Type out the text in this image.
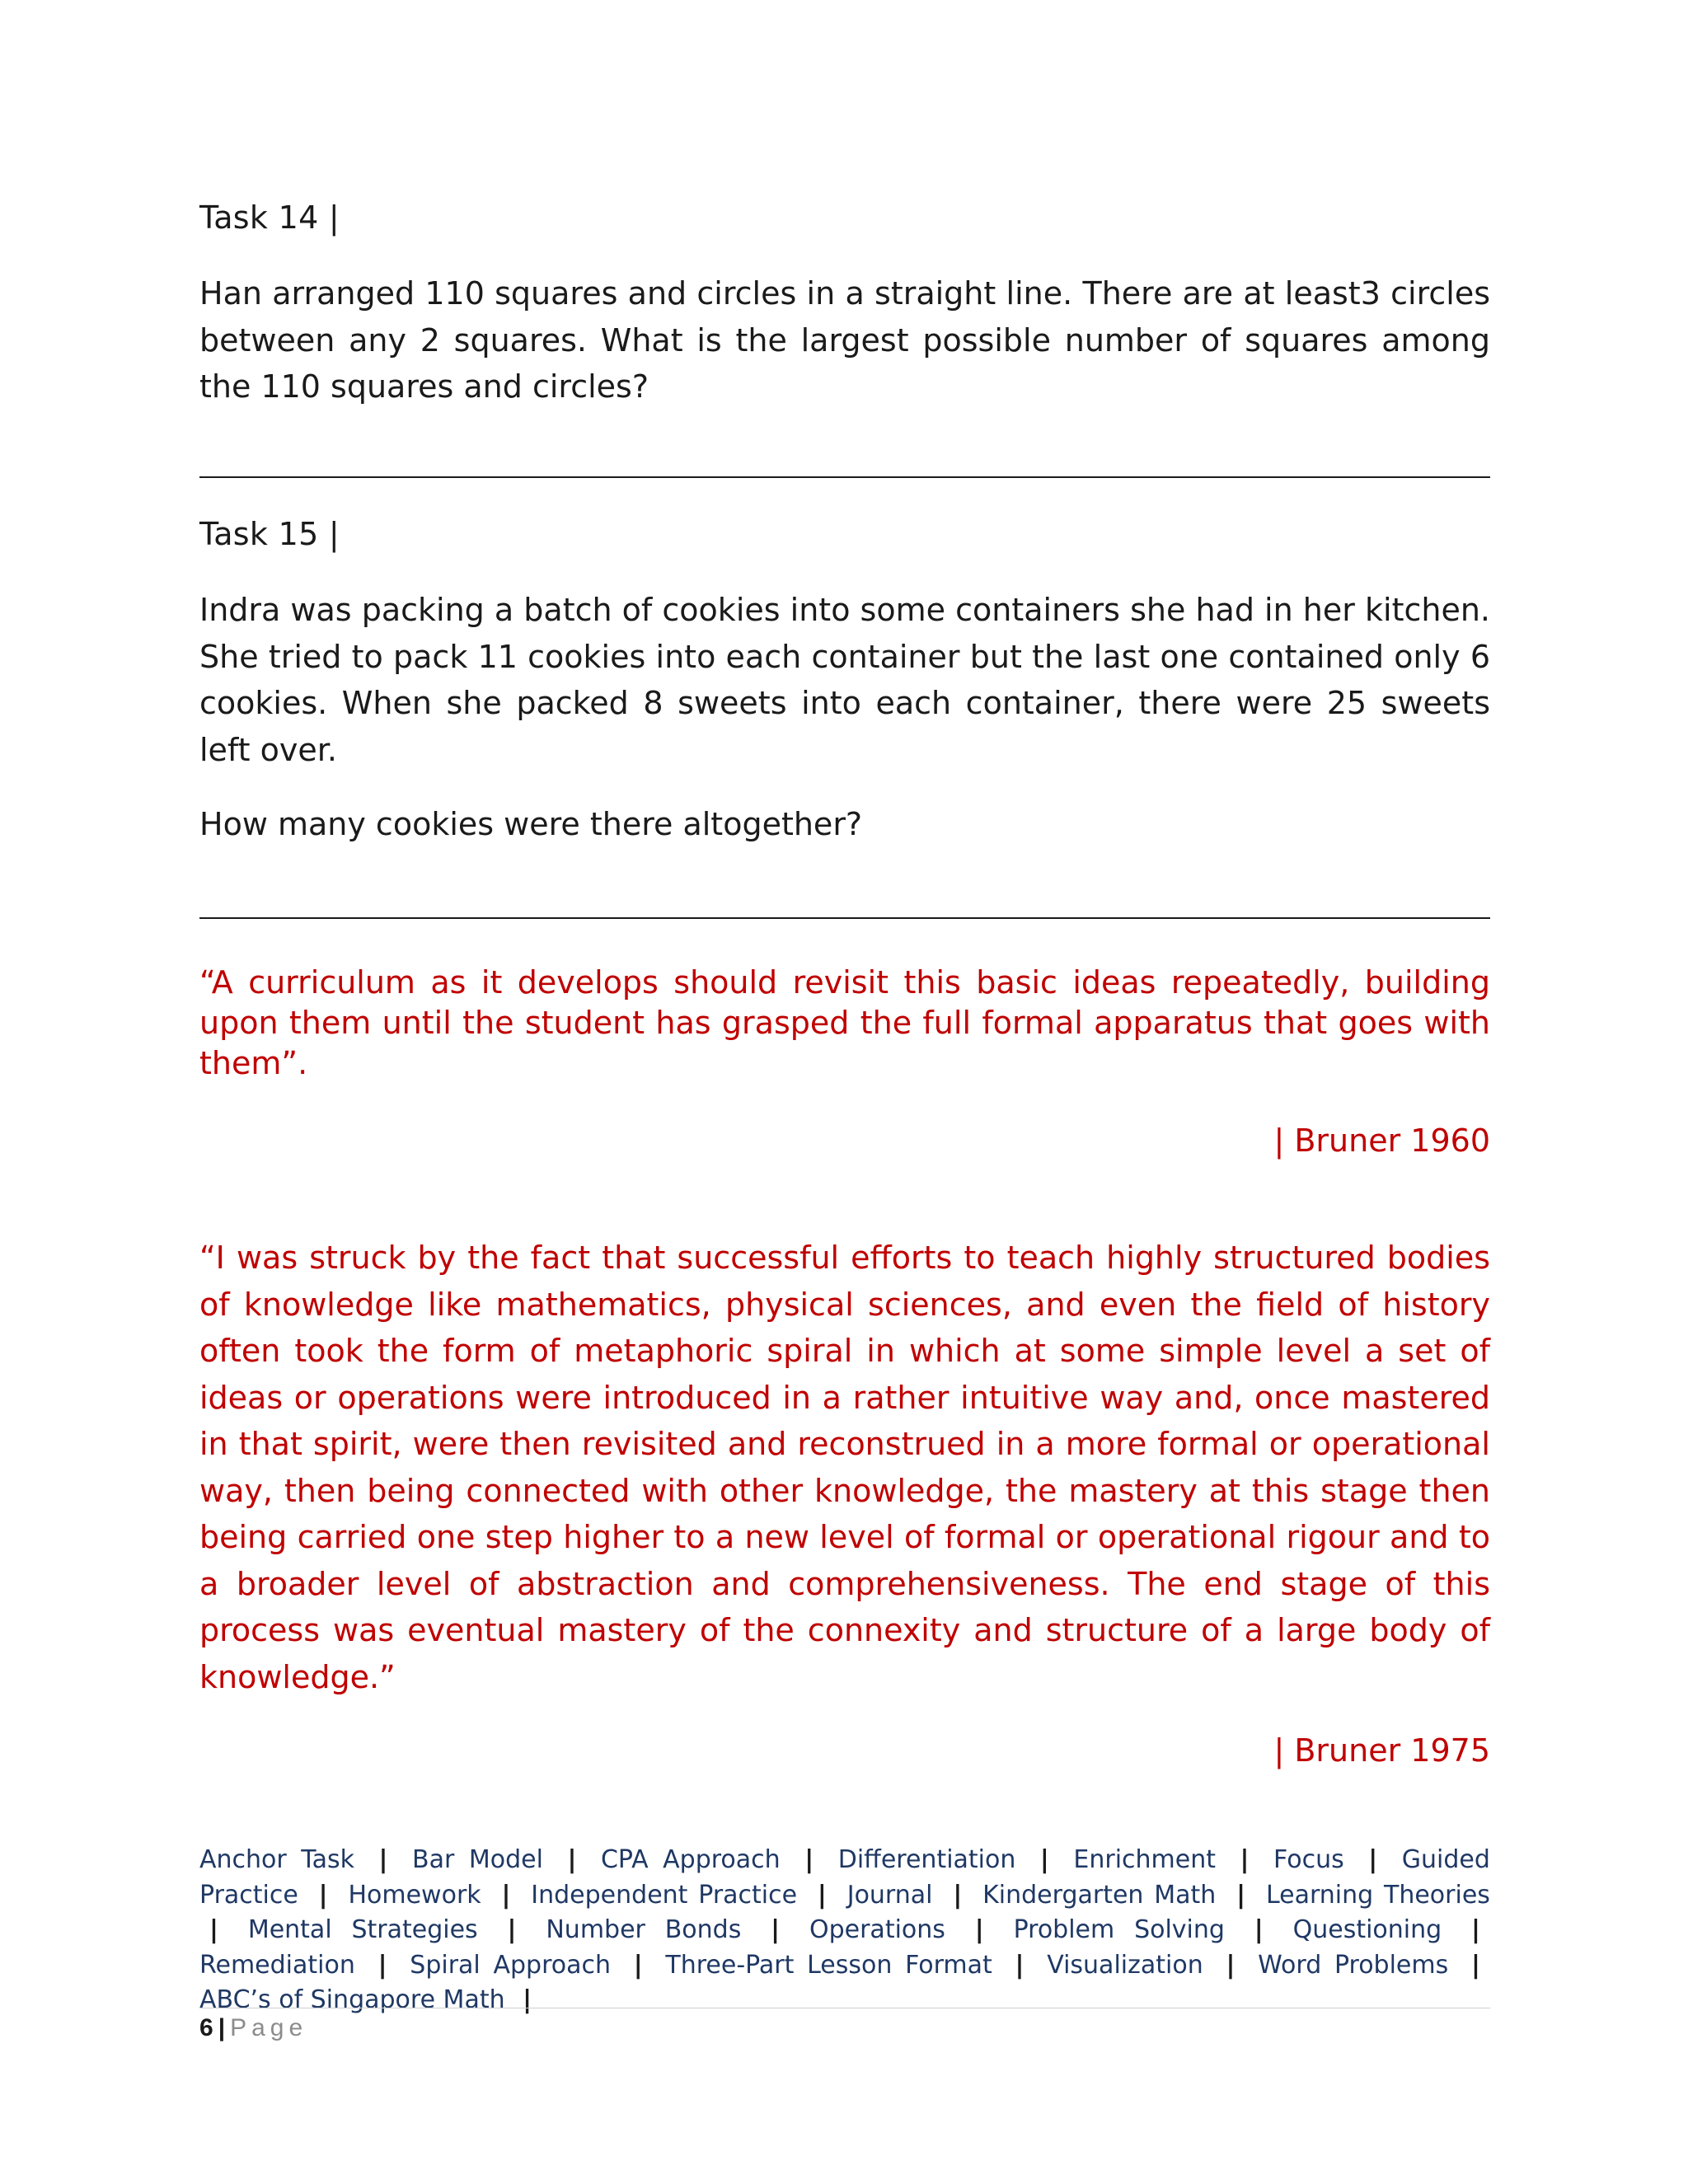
Task 14 |
Han arranged 110 squares and circles in a straight line. There are at least3 circles between any 2 squares. What is the largest possible number of squares among the 110 squares and circles?
Task 15 |
Indra was packing a batch of cookies into some containers she had in her kitchen. She tried to pack 11 cookies into each container but the last one contained only 6 cookies. When she packed 8 sweets into each container, there were 25 sweets left over.
How many cookies were there altogether?
“A curriculum as it develops should revisit this basic ideas repeatedly, building upon them until the student has grasped the full formal apparatus that goes with them”.
| Bruner 1960
“I was struck by the fact that successful efforts to teach highly structured bodies of knowledge like mathematics, physical sciences, and even the field of history often took the form of metaphoric spiral in which at some simple level a set of ideas or operations were introduced in a rather intuitive way and, once mastered in that spirit, were then revisited and reconstrued in a more formal or operational way, then being connected with other knowledge, the mastery at this stage then being carried one step higher to a new level of formal or operational rigour and to a broader level of abstraction and comprehensiveness. The end stage of this process was eventual mastery of the connexity and structure of a large body of knowledge.”
| Bruner 1975
Anchor Task | Bar Model | CPA Approach | Differentiation | Enrichment | Focus | Guided Practice | Homework | Independent Practice | Journal | Kindergarten Math | Learning Theories | Mental Strategies | Number Bonds | Operations | Problem Solving | Questioning | Remediation | Spiral Approach | Three-Part Lesson Format | Visualization | Word Problems | ABC’s of Singapore Math |
6 | Page
